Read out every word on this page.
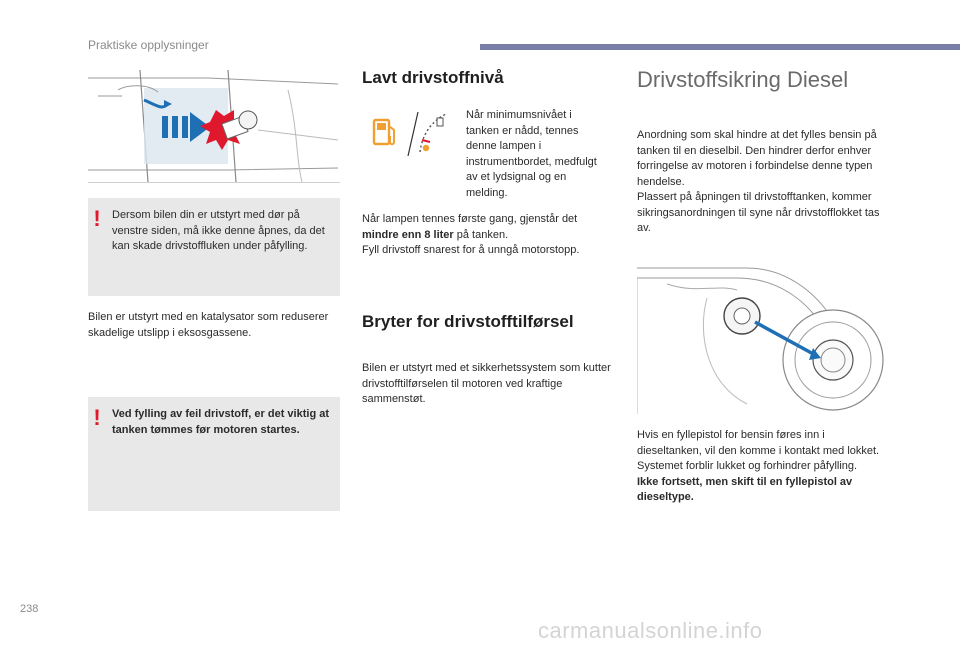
Praktiske opplysninger
! Dersom bilen din er utstyrt med dør på venstre siden, må ikke denne åpnes, da det kan skade drivstoffluken under påfylling.
Bilen er utstyrt med en katalysator som reduserer skadelige utslipp i eksosgassene.
! Ved fylling av feil drivstoff, er det viktig at tanken tømmes før motoren startes.
Lavt drivstoffnivå
Når minimumsnivået i tanken er nådd, tennes denne lampen i instrumentbordet, medfulgt av et lydsignal og en melding.
Når lampen tennes første gang, gjenstår det mindre enn 8 liter på tanken.
Fyll drivstoff snarest for å unngå motorstopp.
Bryter for drivstofftilførsel
Bilen er utstyrt med et sikkerhetssystem som kutter drivstofftilførselen til motoren ved kraftige sammenstøt.
Drivstoffsikring Diesel
Anordning som skal hindre at det fylles bensin på tanken til en dieselbil. Den hindrer derfor enhver forringelse av motoren i forbindelse denne typen hendelse.
Plassert på åpningen til drivstofftanken, kommer sikringsanordningen til syne når drivstofflokket tas av.
Hvis en fyllepistol for bensin føres inn i dieseltanken, vil den komme i kontakt med lokket. Systemet forblir lukket og forhindrer påfylling.
Ikke fortsett, men skift til en fyllepistol av dieseltype.
238
carmanualsonline.info
